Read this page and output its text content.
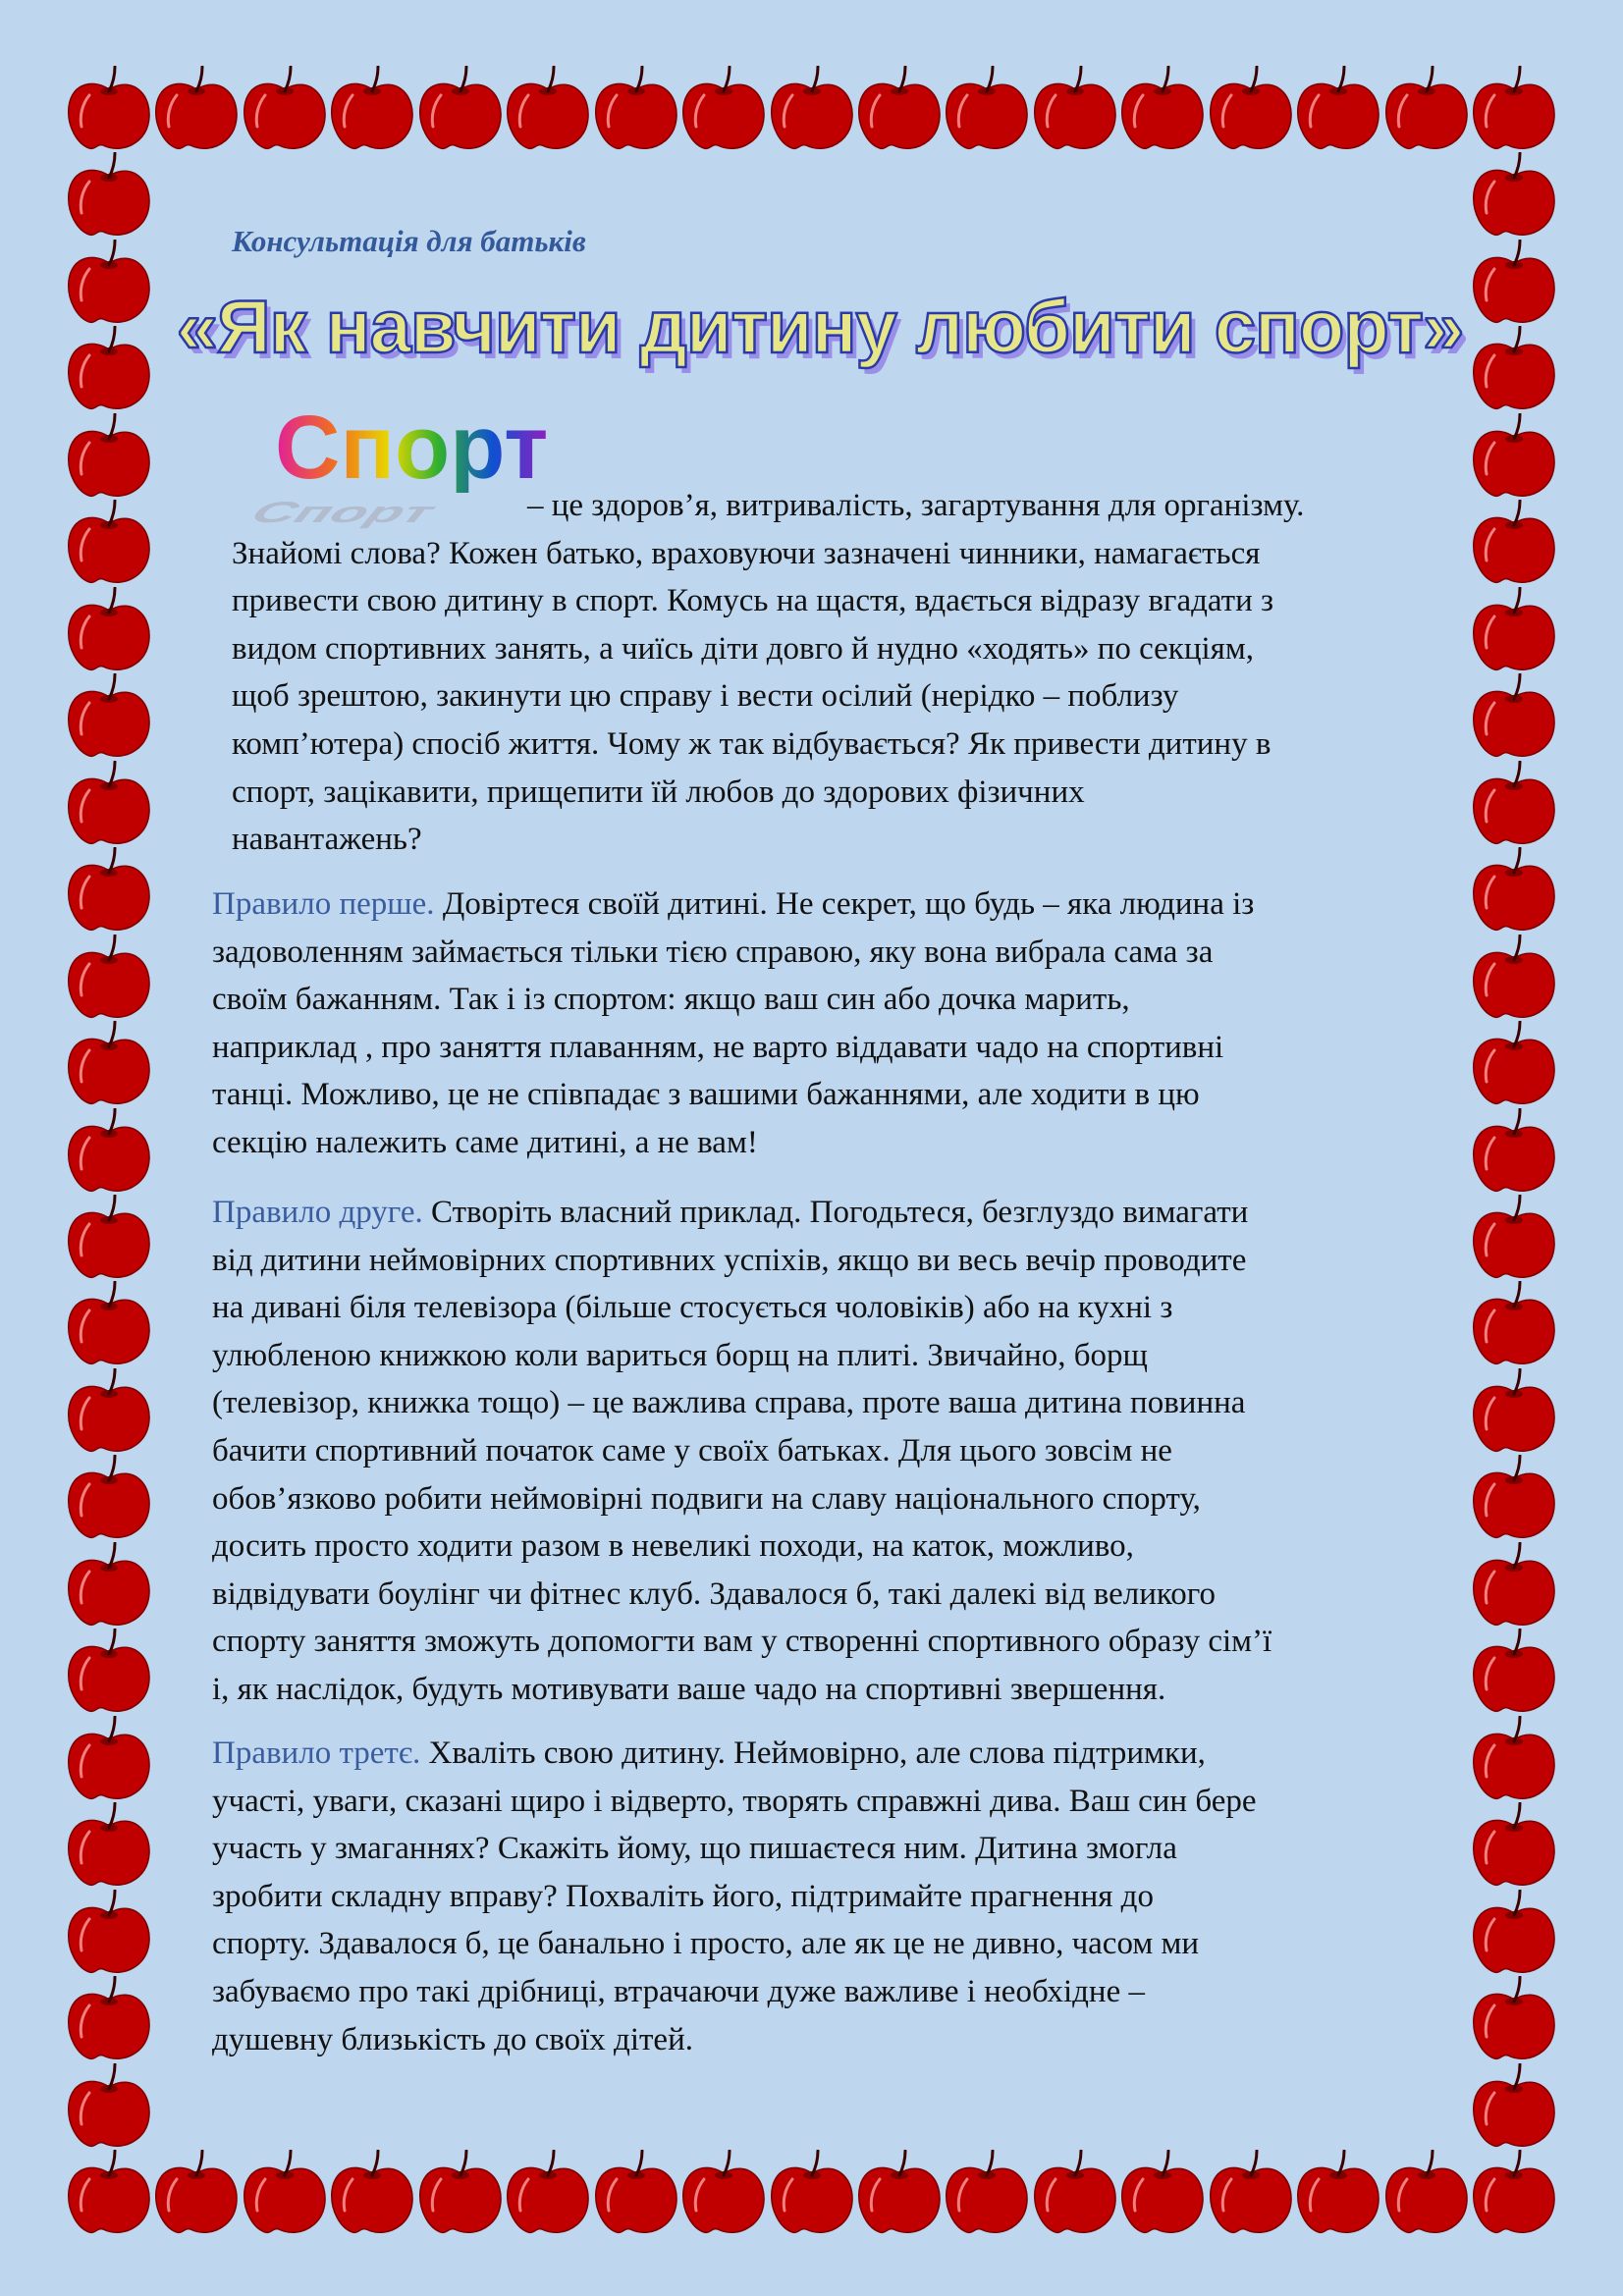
Консультація для батьків
«Як навчити дитину любити спорт»
Спорт
Спорт
– це здоров’я, витривалість, загартування для організму.
Знайомі слова? Кожен батько, враховуючи зазначені чинники, намагається
привести свою дитину в спорт. Комусь на щастя, вдається відразу вгадати з
видом спортивних занять, а чиїсь діти довго й нудно «ходять» по секціям,
щоб зрештою, закинути цю справу і вести осілий (нерідко – поблизу
комп’ютера) спосіб життя. Чому ж так відбувається? Як привести дитину в
спорт, зацікавити, прищепити їй любов до здорових фізичних
навантажень?
Правило перше. Довіртеся своїй дитині. Не секрет, що будь – яка людина із
задоволенням займається тільки тією справою, яку вона вибрала сама за
своїм бажанням. Так і із спортом: якщо ваш син або дочка марить,
наприклад , про заняття плаванням, не варто віддавати чадо на спортивні
танці. Можливо, це не співпадає з вашими бажаннями, але ходити в цю
секцію належить саме дитині, а не вам!
Правило друге. Створіть власний приклад. Погодьтеся, безглуздо вимагати
від дитини неймовірних спортивних успіхів, якщо ви весь вечір проводите
на дивані біля телевізора (більше стосується чоловіків) або на кухні з
улюбленою книжкою коли вариться борщ на плиті. Звичайно, борщ
(телевізор, книжка тощо) – це важлива справа, проте ваша дитина повинна
бачити спортивний початок саме у своїх батьках. Для цього зовсім не
обов’язково робити неймовірні подвиги на славу національного спорту,
досить просто ходити разом в невеликі походи, на каток, можливо,
відвідувати боулінг чи фітнес клуб. Здавалося б, такі далекі від великого
спорту заняття зможуть допомогти вам у створенні спортивного образу сім’ї
і, як наслідок, будуть мотивувати ваше чадо на спортивні звершення.
Правило третє. Хваліть свою дитину. Неймовірно, але слова підтримки,
участі, уваги, сказані щиро і відверто, творять справжні дива. Ваш син бере
участь у змаганнях? Скажіть йому, що пишаєтеся ним. Дитина змогла
зробити складну вправу? Похваліть його, підтримайте прагнення до
спорту. Здавалося б, це банально і просто, але як це не дивно, часом ми
забуваємо про такі дрібниці, втрачаючи дуже важливе і необхідне –
душевну близькість до своїх дітей.
